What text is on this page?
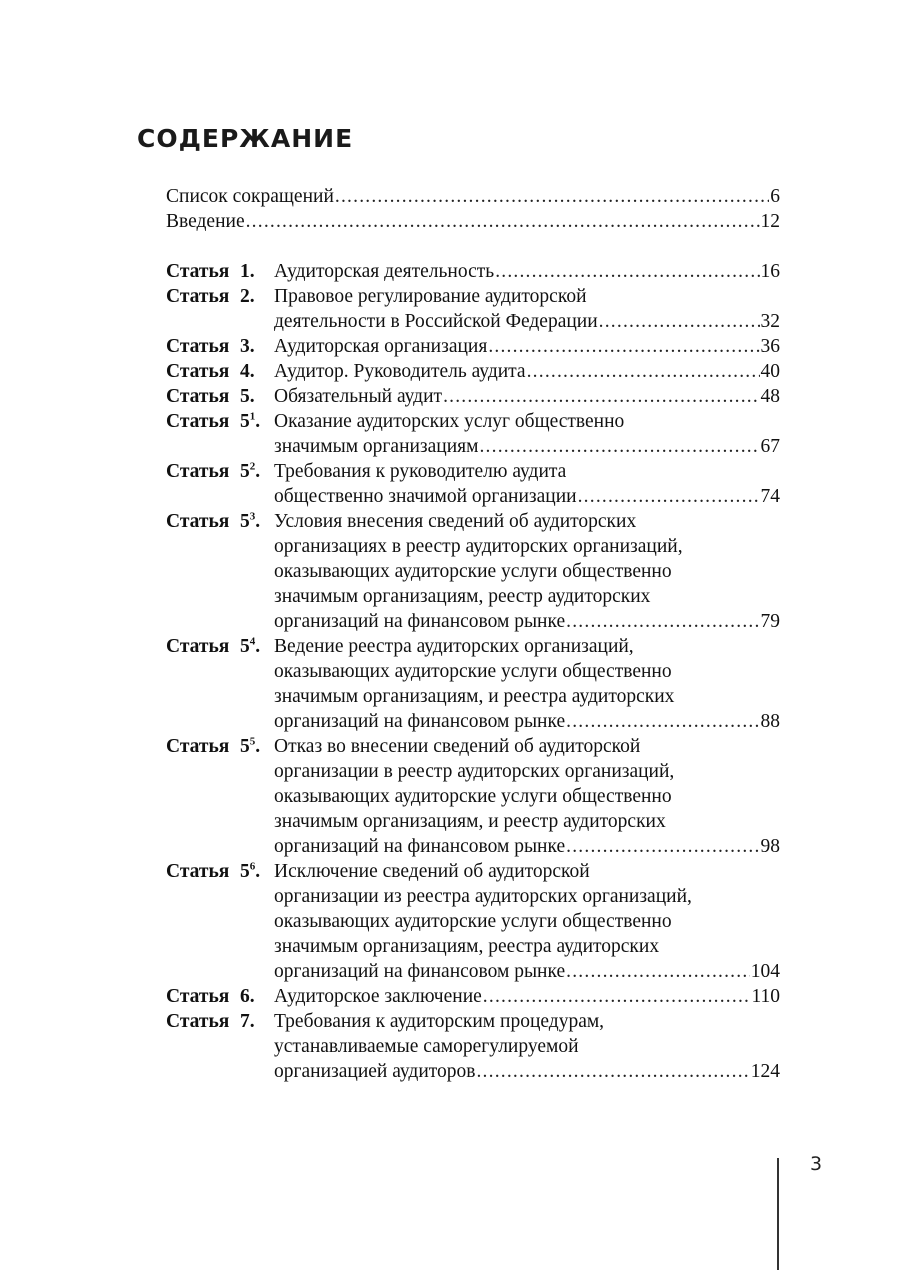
СОДЕРЖАНИЕ
Список сокращений .....	6
Введение .....	12
Статья 1. Аудиторская деятельность .....	16
Статья 2. Правовое регулирование аудиторской
деятельности в Российской Федерации .....	32
Статья 3. Аудиторская организация .....	36
Статья 4. Аудитор. Руководитель аудита .....	40
Статья 5. Обязательный аудит .....	48
Статья $5^1$. Оказание аудиторских услуг общественно
значимым организациям .....	67
Статья $5^2$. Требования к руководителю аудита
общественно значимой организации .....	74
Статья $5^3$. Условия внесения сведений об аудиторских
организациях в реестр аудиторских организаций,
оказывающих аудиторские услуги общественно
значимым организациям, реестр аудиторских
организаций на финансовом рынке .....	79
Статья $5^4$. Ведение реестра аудиторских организаций,
оказывающих аудиторские услуги общественно
значимым организациям, и реестра аудиторских
организаций на финансовом рынке .....	88
Статья $5^5$. Отказ во внесении сведений об аудиторской
организации в реестр аудиторских организаций,
оказывающих аудиторские услуги общественно
значимым организациям, и реестр аудиторских
организаций на финансовом рынке .....	98
Статья $5^6$. Исключение сведений об аудиторской
организации из реестра аудиторских организаций,
оказывающих аудиторские услуги общественно
значимым организациям, реестра аудиторских
организаций на финансовом рынке .....	104
Статья 6. Аудиторское заключение .....	110
Статья 7. Требования к аудиторским процедурам,
устанавливаемые саморегулируемой
организацией аудиторов .....	124
3
